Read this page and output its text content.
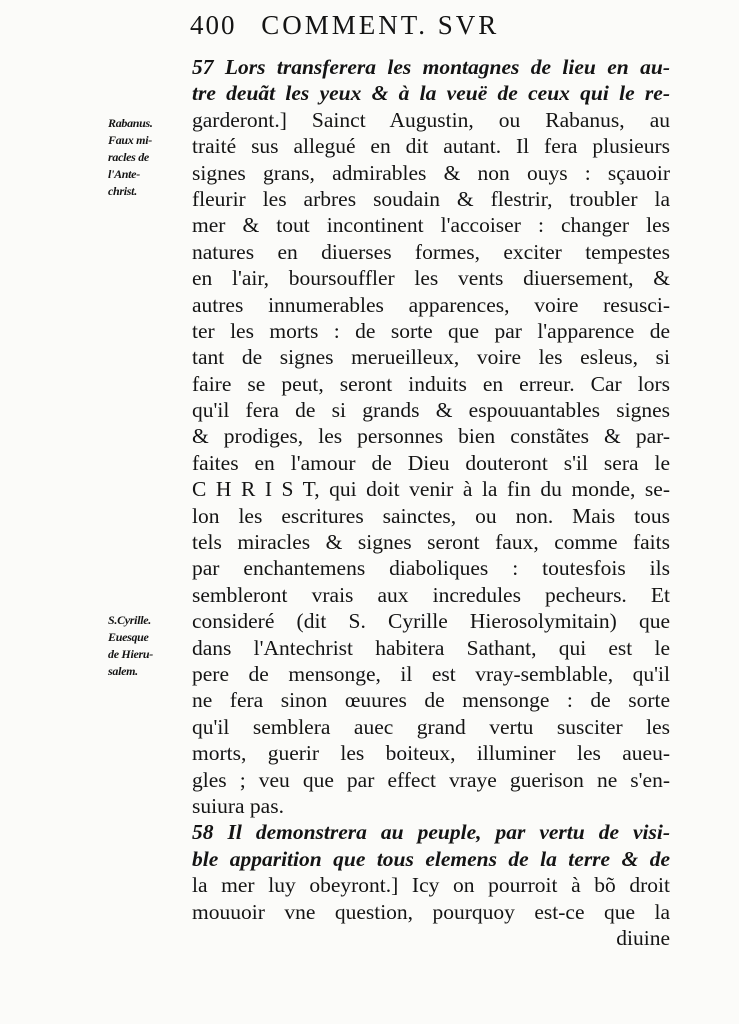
400 COMMENT. SVR
Rabanus.
Faux mi-
racles de
l'Ante-
christ.
S.Cyrille.
Euesque
de Hieru-
salem.
57 Lors transferera les montagnes de lieu en au-
tre deuãt les yeux & à la veuë de ceux qui le re-
garderont.] Sainct Augustin, ou Rabanus, au
traité sus allegué en dit autant. Il fera plusieurs
signes grans, admirables & non ouys : sçauoir
fleurir les arbres soudain & flestrir, troubler la
mer & tout incontinent l'accoiser : changer les
natures en diuerses formes, exciter tempestes
en l'air, boursouffler les vents diuersement, &
autres innumerables apparences, voire resusci-
ter les morts : de sorte que par l'apparence de
tant de signes merueilleux, voire les esleus, si
faire se peut, seront induits en erreur. Car lors
qu'il fera de si grands & espouuantables signes
& prodiges, les personnes bien constãtes & par-
faites en l'amour de Dieu douteront s'il sera le
C H R I S T, qui doit venir à la fin du monde, se-
lon les escritures sainctes, ou non. Mais tous
tels miracles & signes seront faux, comme faits
par enchantemens diaboliques : toutesfois ils
sembleront vrais aux incredules pecheurs. Et
consideré (dit S. Cyrille Hierosolymitain) que
dans l'Antechrist habitera Sathant, qui est le
pere de mensonge, il est vray-semblable, qu'il
ne fera sinon œuures de mensonge : de sorte
qu'il semblera auec grand vertu susciter les
morts, guerir les boiteux, illuminer les aueu-
gles ; veu que par effect vraye guerison ne s'en-
suiura pas.
58 Il demonstrera au peuple, par vertu de visi-
ble apparition que tous elemens de la terre & de
la mer luy obeyront.] Icy on pourroit à bõ droit
mouuoir vne question, pourquoy est-ce que la
diuine
